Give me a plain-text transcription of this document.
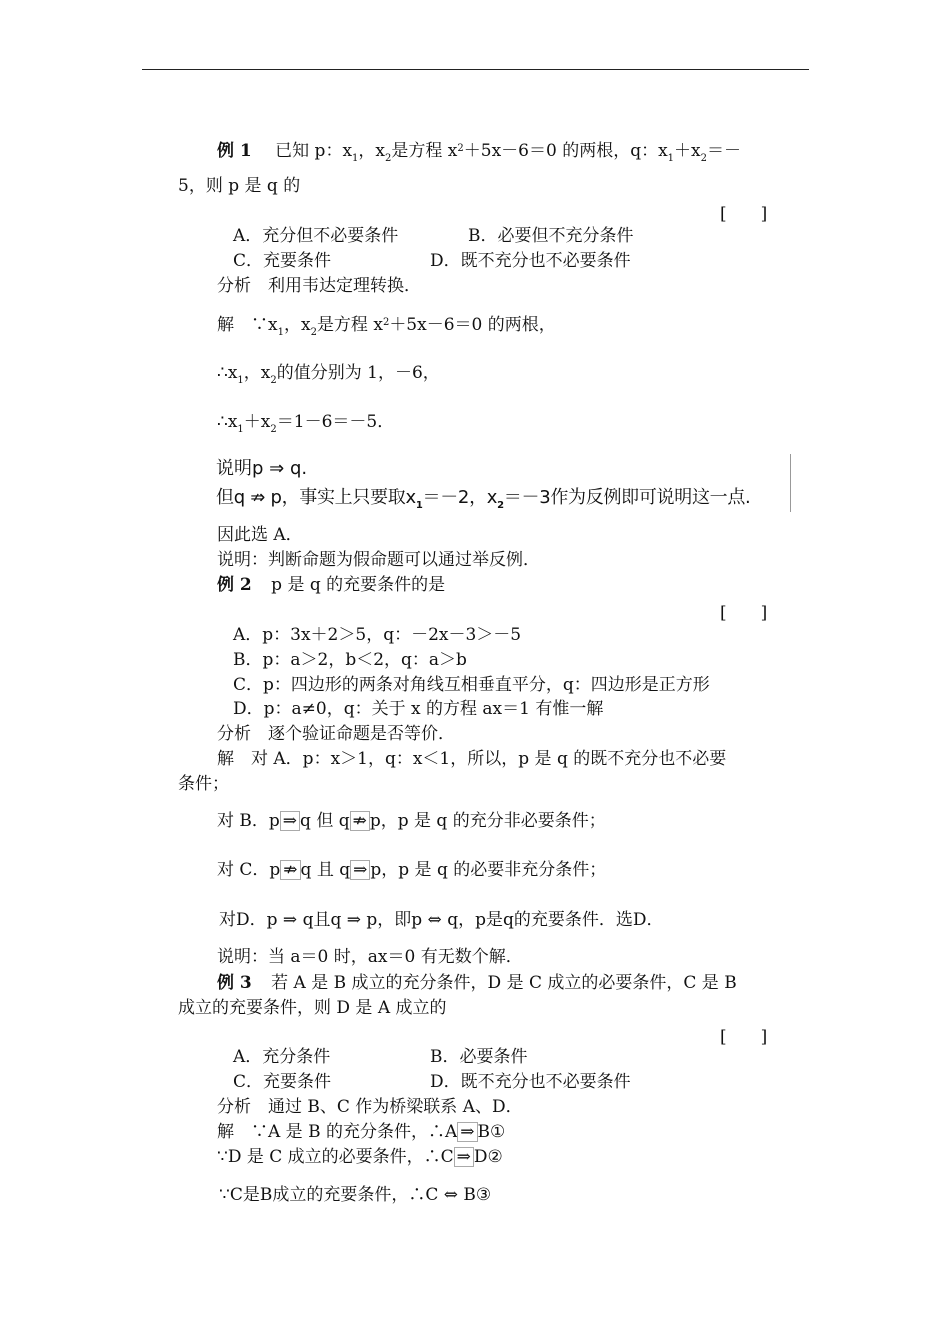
例 1 已知 p：$x_1$，$x_2$是方程 $x^2+5x-6=0$ 的两根，q：$x_1+x_2=-$
5，则 p 是 q 的
[　　]
A．充分但不必要条件	B．必要但不充分条件
C．充要条件	D．既不充分也不必要条件
分析　利用韦达定理转换．
解　$\because x_1$，$x_2$是方程 $x^2+5x-6=0$ 的两根，
$\therefore x_1$，$x_2$的值分别为 1，－6，
$\therefore x_1+x_2=1-6=-5$．
说明p ⇒ q.
但q ⇏ p，事实上只要取$x_1=-2$，$x_2=-3$作为反例即可说明这一点.
因此选 A．
说明：判断命题为假命题可以通过举反例．
例 2 p 是 q 的充要条件的是
[　　]
A．p：3x＋2＞5，q：－2x－3＞－5
B．p：a＞2，b＜2，q：a＞b
C．p：四边形的两条对角线互相垂直平分，q：四边形是正方形
D．p：a≠0，q：关于 x 的方程 ax＝1 有惟一解
分析　逐个验证命题是否等价．
解　对 A．p：x＞1，q：x＜1，所以，p 是 q 的既不充分也不必要
条件；
对 B．p ⇒ q 但 q ⇏ p，p 是 q 的充分非必要条件；
对 C．p ⇏ q 且 q ⇒ p，p 是 q 的必要非充分条件；
对D．p ⇒ q且q ⇒ p，即p ⇔ q，p是q的充要条件．选D．
说明：当 a＝0 时，ax＝0 有无数个解．
例 3 若 A 是 B 成立的充分条件，D 是 C 成立的必要条件，C 是 B
成立的充要条件，则 D 是 A 成立的
[　　]
A．充分条件	B．必要条件
C．充要条件	D．既不充分也不必要条件
分析　通过 B、C 作为桥梁联系 A、D．
解　∵A 是 B 的充分条件，∴A ⇒ B①
∵D 是 C 成立的必要条件，∴C ⇒ D②
∵C是B成立的充要条件，∴C ⇔ B③
